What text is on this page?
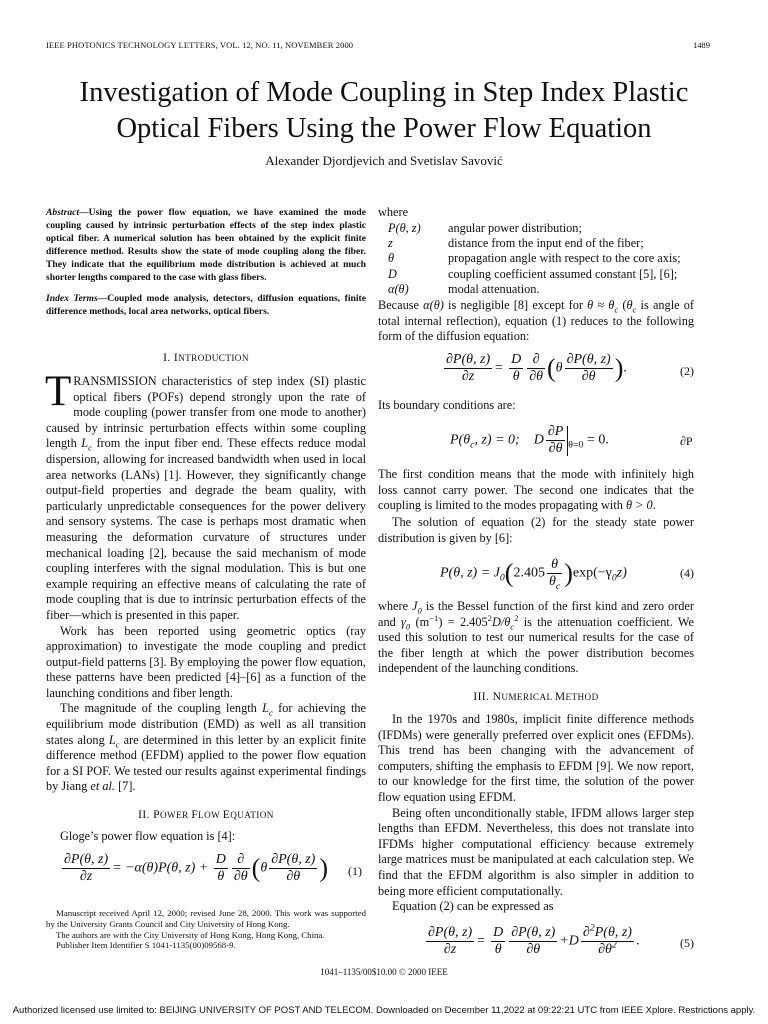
IEEE PHOTONICS TECHNOLOGY LETTERS, VOL. 12, NO. 11, NOVEMBER 2000	1489
Investigation of Mode Coupling in Step Index Plastic
Optical Fibers Using the Power Flow Equation
Alexander Djordjevich and Svetislav Savović
Abstract—Using the power flow equation, we have examined the mode coupling caused by intrinsic perturbation effects of the step index plastic optical fiber. A numerical solution has been obtained by the explicit finite difference method. Results show the state of mode coupling along the fiber. They indicate that the equilibrium mode distribution is achieved at much shorter lengths compared to the case with glass fibers.
Index Terms—Coupled mode analysis, detectors, diffusion equations, finite difference methods, local area networks, optical fibers.
I. INTRODUCTION

TRANSMISSION characteristics of step index (SI) plastic optical fibers (POFs) depend strongly upon the rate of mode coupling (power transfer from one mode to another) caused by intrinsic perturbation effects within some coupling length $L_c$ from the input fiber end. These effects reduce modal dispersion, allowing for increased bandwidth when used in local area networks (LANs) [1]. However, they significantly change output-field properties and degrade the beam quality, with particularly unpredictable consequences for the power delivery and sensory systems. The case is perhaps most dramatic when measuring the deformation curvature of structures under mechanical loading [2], because the said mechanism of mode coupling interferes with the signal modulation. This is but one example requiring an effective means of calculating the rate of mode coupling that is due to intrinsic perturbation effects of the fiber—which is presented in this paper.

Work has been reported using geometric optics (ray approximation) to investigate the mode coupling and predict output-field patterns [3]. By employing the power flow equation, these patterns have been predicted [4]–[6] as a function of the launching conditions and fiber length.

The magnitude of the coupling length $L_c$ for achieving the equilibrium mode distribution (EMD) as well as all transition states along $L_c$ are determined in this letter by an explicit finite difference method (EFDM) applied to the power flow equation for a SI POF. We tested our results against experimental findings by Jiang et al. [7].

II. POWER FLOW EQUATION
Gloge’s power flow equation is [4]:
$\frac{\partial P(\theta, z)}{\partial z} = -\alpha(\theta)P(\theta$, $z) + \frac{D}{\theta} \frac{\partial}{\partial\theta} (\theta \frac{\partial P(\theta, z)}{\partial\theta}$ ) (1)

Manuscript received April 12, 2000; revised June 28, 2000. This work was supported by the University Grants Council and City University of Hong Kong.

The authors are with the City University of Hong Kong, Hong Kong, China.

Publisher Item Identifier S 1041-1135(00)09568-9.

where
P(θ, z)	angular power distribution;
z	distance from the input end of the fiber;
θ	propagation angle with respect to the core axis;
D	coupling coefficient assumed constant [5], [6];
α(θ)	modal attenuation.
Because α(θ) is negligible [8] except for $\theta \approx \theta_c$ ($\theta_c$ is angle of total internal reflection), equation (1) reduces to the following form of the diffusion equation:
$\frac{\partial P(\theta, z)}{\partial z} = \frac{D}{\theta} \frac{\partial}{\partial\theta} (\theta \frac{\partial P(\theta, z)}{\partial\theta}$ ).	(2)
Its boundary conditions are:
$P(\theta_c$, z) = 0; D $\frac{\partial P}{\partial\theta} _{\theta=0} = 0$.	∂P
The first condition means that the mode with infinitely high loss cannot carry power. The second one indicates that the coupling is limited to the modes propagating with θ > 0.
The solution of equation (2) for the steady state power distribution is given by [6]:
P(θ, $z) = J_0(2.405 \frac{\theta}{\theta_c} )\exp(-\gamma_0z)$	(4)
where $J_0$ is the Bessel function of the first kind and zero order and $\gamma_0$ $(m^{-1}) = 2.405^2D/\theta_c^2$ is the attenuation coefficient. We used this solution to test our numerical results for the case of the fiber length at which the power distribution becomes independent of the launching conditions.
III. NUMERICAL METHOD

In the 1970s and 1980s, implicit finite difference methods (IFDMs) were generally preferred over explicit ones (EFDMs). This trend has been changing with the advancement of computers, shifting the emphasis to EFDM [9]. We now report, to our knowledge for the first time, the solution of the power flow equation using EFDM.

Being often unconditionally stable, IFDM allows larger step lengths than EFDM. Nevertheless, this does not translate into IFDMs higher computational efficiency because extremely large matrices must be manipulated at each calculation step. We find that the EFDM algorithm is also simpler in addition to being more efficient computationally.

Equation (2) can be expressed as

$\frac{\partial P(\theta, z)}{\partial z} = \frac{D}{\theta} \frac{\partial P(\theta, z)}{\partial\theta} +D \frac{\partial^2P(\theta, z)}{\partial\theta^2}$ .	(5)
1041–1135/00$10.00 © 2000 IEEE
Authorized licensed use limited to: BEIJING UNIVERSITY OF POST AND TELECOM. Downloaded on December 11,2022 at 09:22:21 UTC from IEEE Xplore. Restrictions apply.
